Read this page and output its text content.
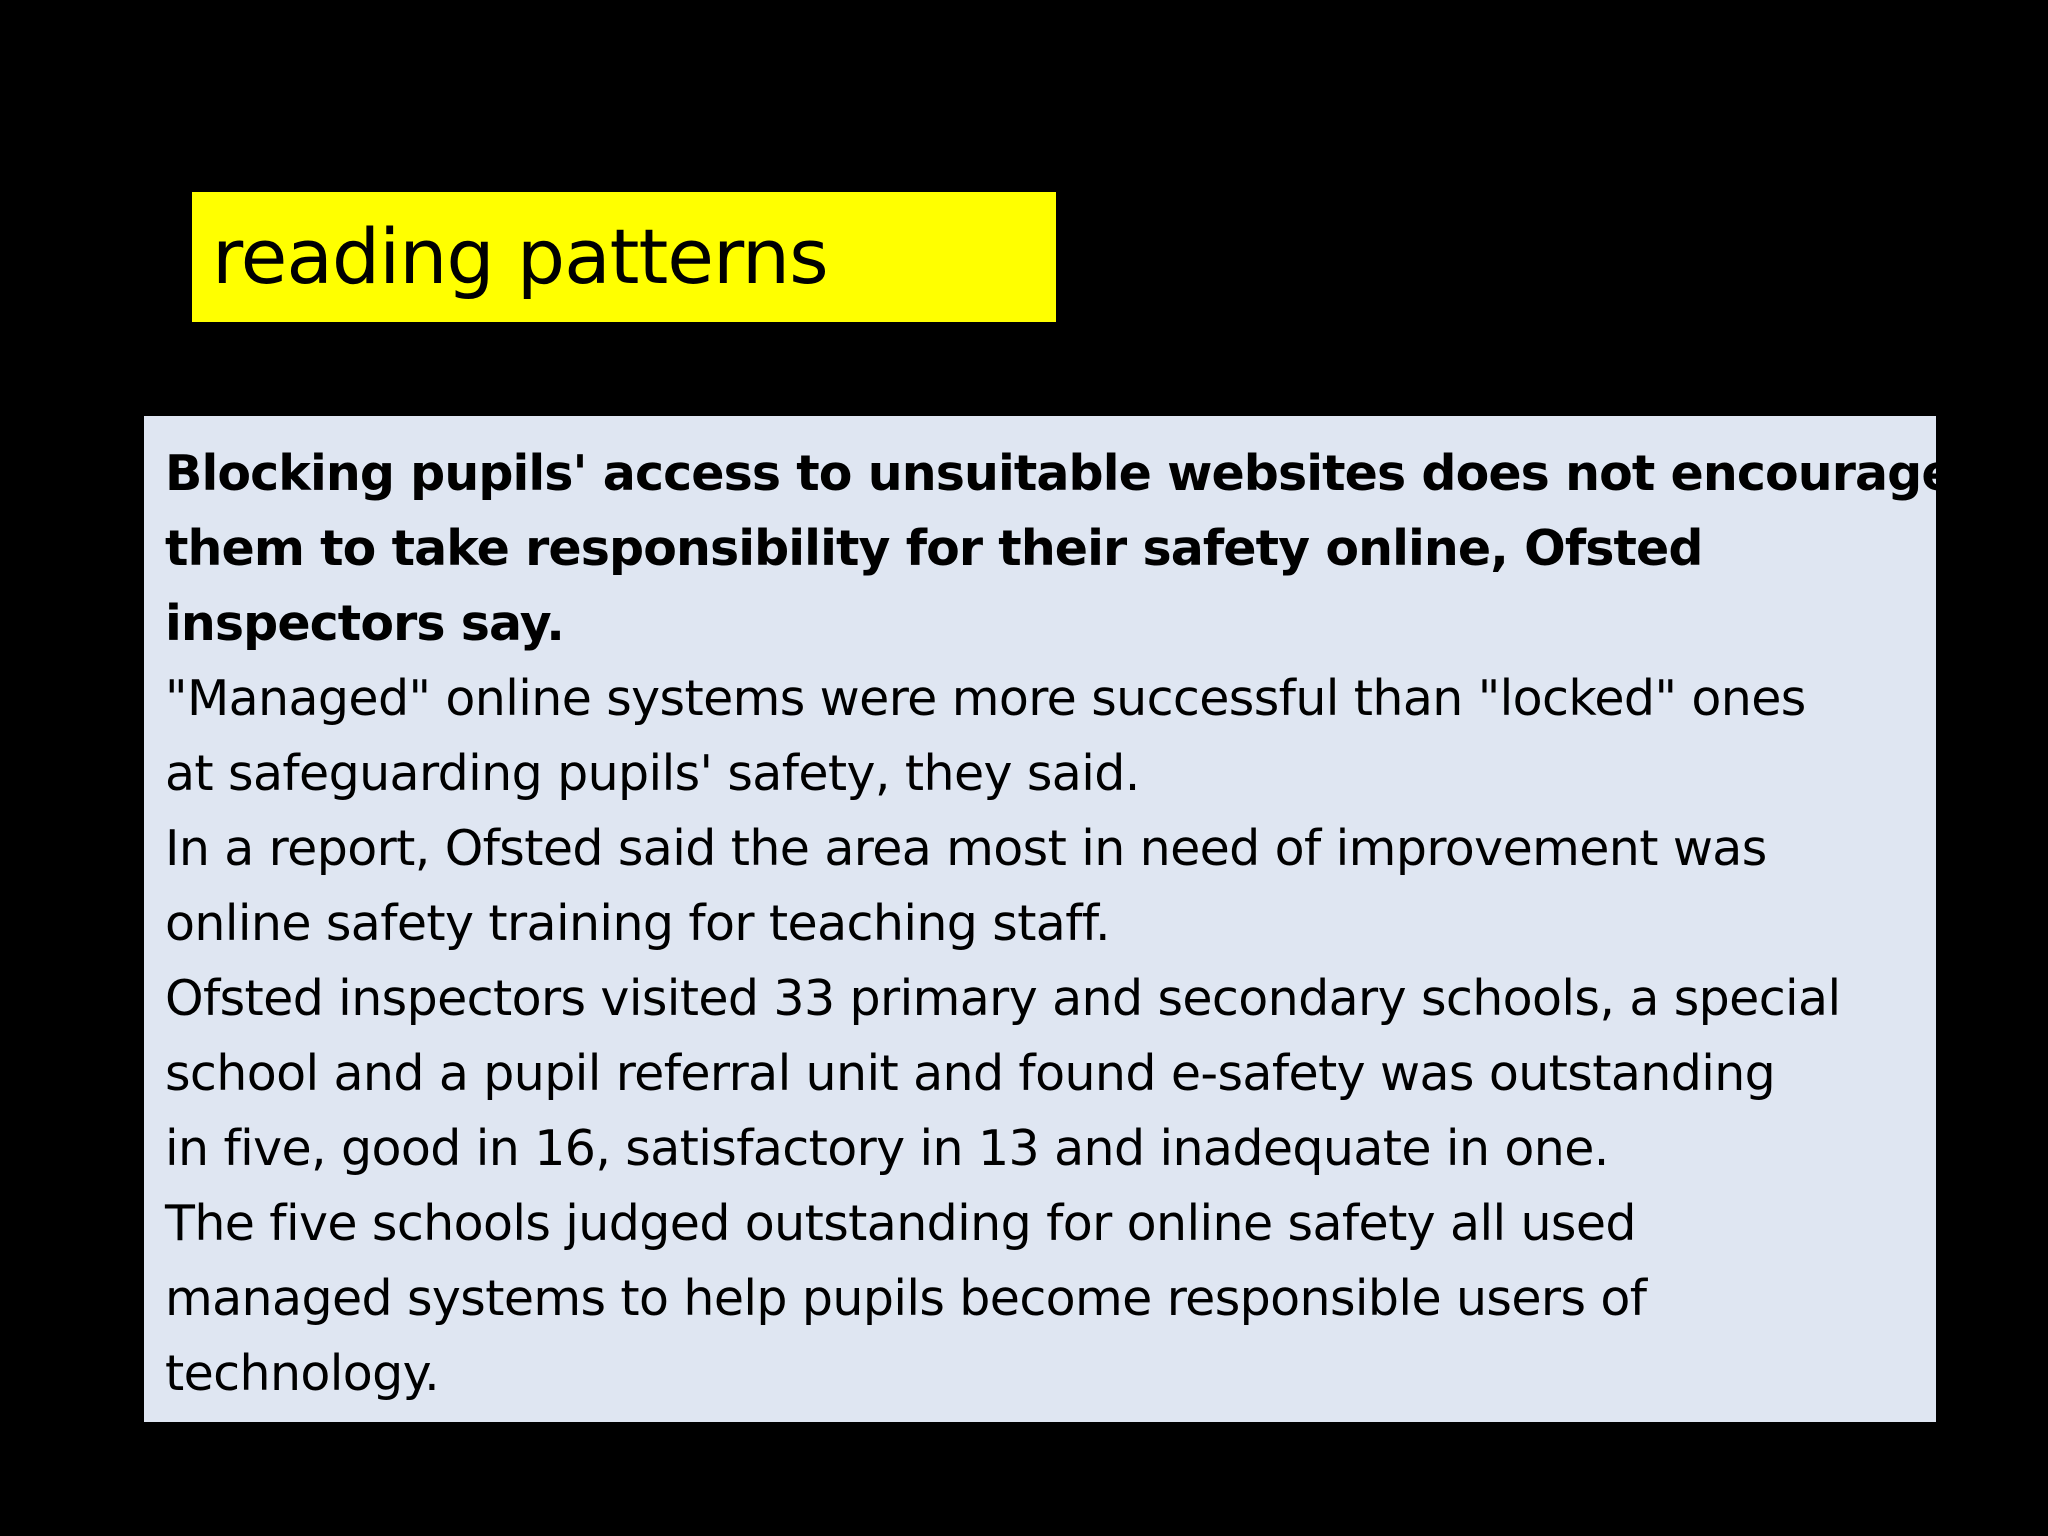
reading patterns

Blocking pupils' access to unsuitable websites does not encourage
them to take responsibility for their safety online, Ofsted
inspectors say.

"Managed" online systems were more successful than "locked" ones
at safeguarding pupils' safety, they said.

In a report, Ofsted said the area most in need of improvement was
online safety training for teaching staff.

Ofsted inspectors visited 33 primary and secondary schools, a special
school and a pupil referral unit and found e-safety was outstanding
in five, good in 16, satisfactory in 13 and inadequate in one.

The five schools judged outstanding for online safety all used
managed systems to help pupils become responsible users of
technology.
